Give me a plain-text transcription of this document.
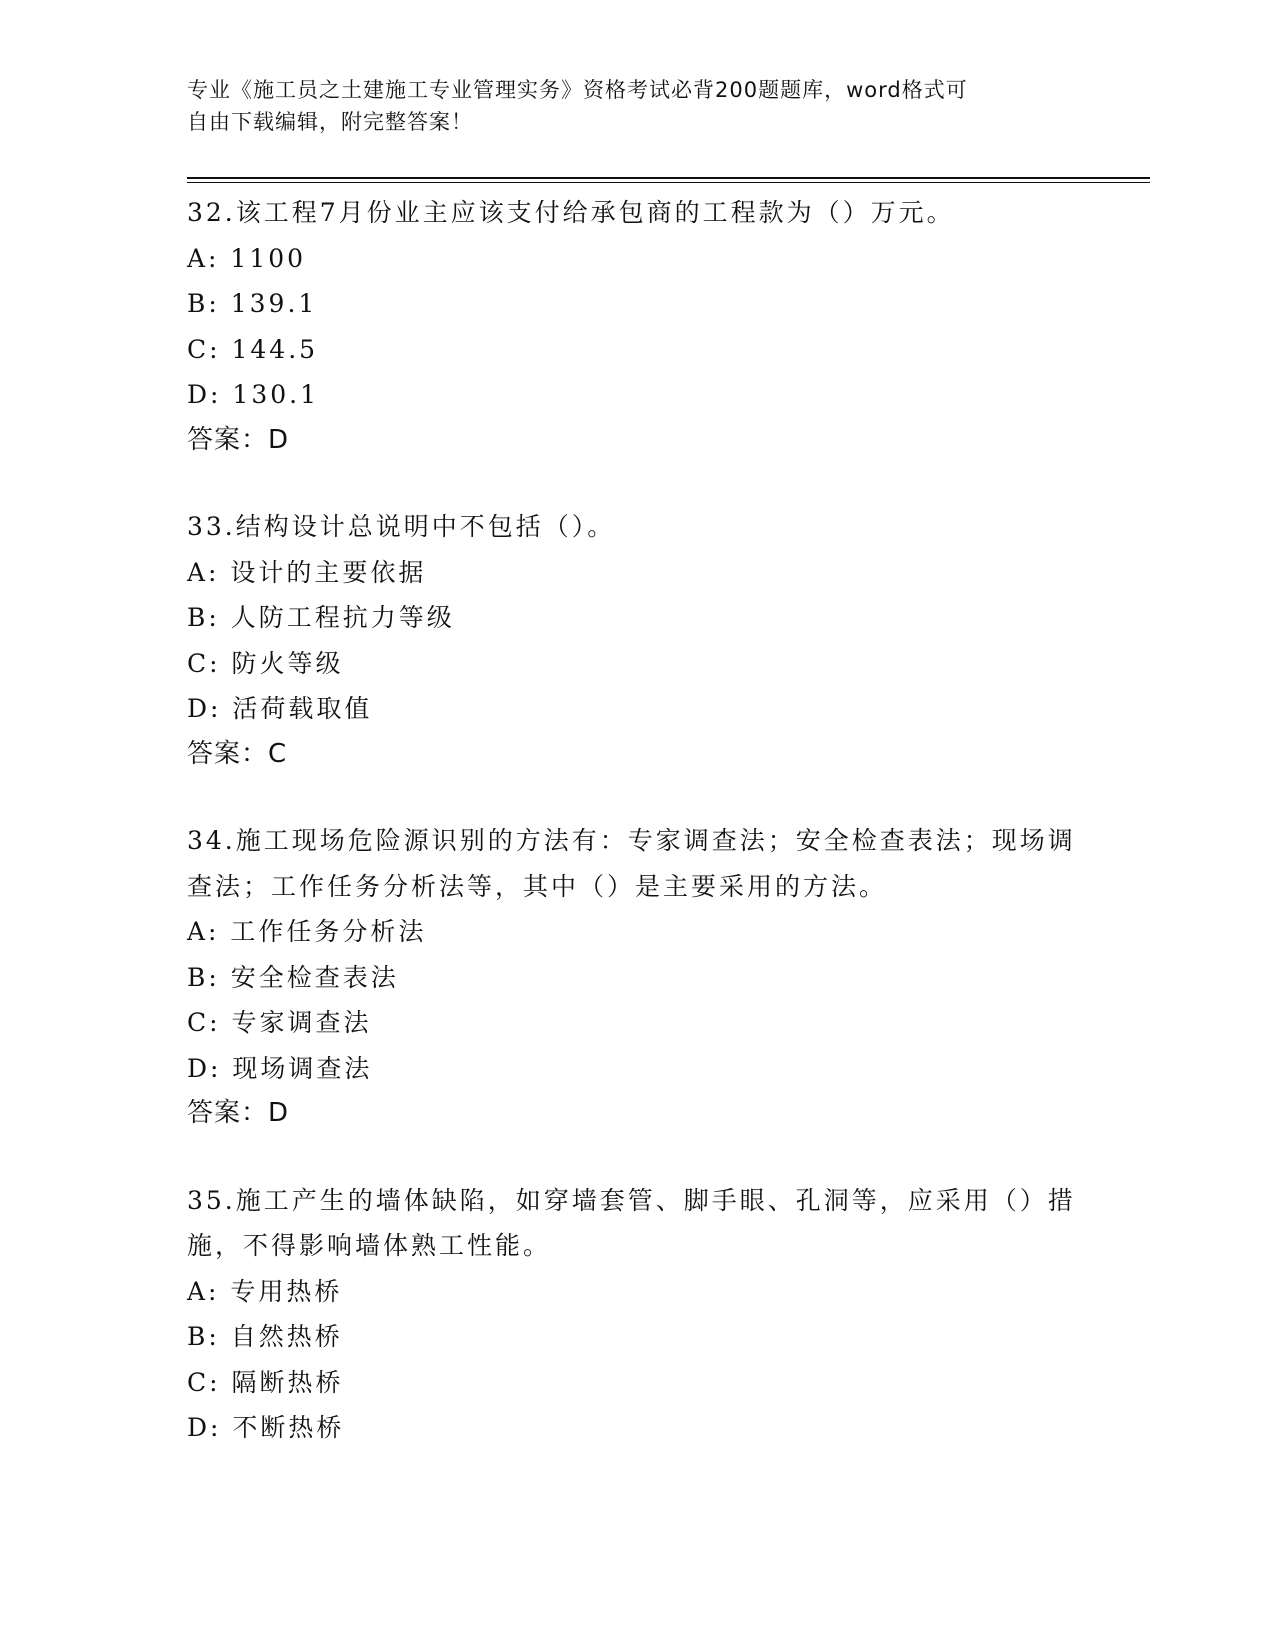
专业《施工员之土建施工专业管理实务》资格考试必背200题题库，word格式可
自由下载编辑，附完整答案！
32.该工程7月份业主应该支付给承包商的工程款为（）万元。
A: 1100
B: 139.1
C: 144.5
D: 130.1
答案：D
33.结构设计总说明中不包括（）。
A: 设计的主要依据
B: 人防工程抗力等级
C: 防火等级
D: 活荷载取值
答案：C
34.施工现场危险源识别的方法有：专家调查法；安全检查表法；现场调查法；工作任务分析法等，其中（）是主要采用的方法。
A: 工作任务分析法
B: 安全检查表法
C: 专家调查法
D: 现场调查法
答案：D
35.施工产生的墙体缺陷，如穿墙套管、脚手眼、孔洞等，应采用（）措施，不得影响墙体熟工性能。
A: 专用热桥
B: 自然热桥
C: 隔断热桥
D: 不断热桥
